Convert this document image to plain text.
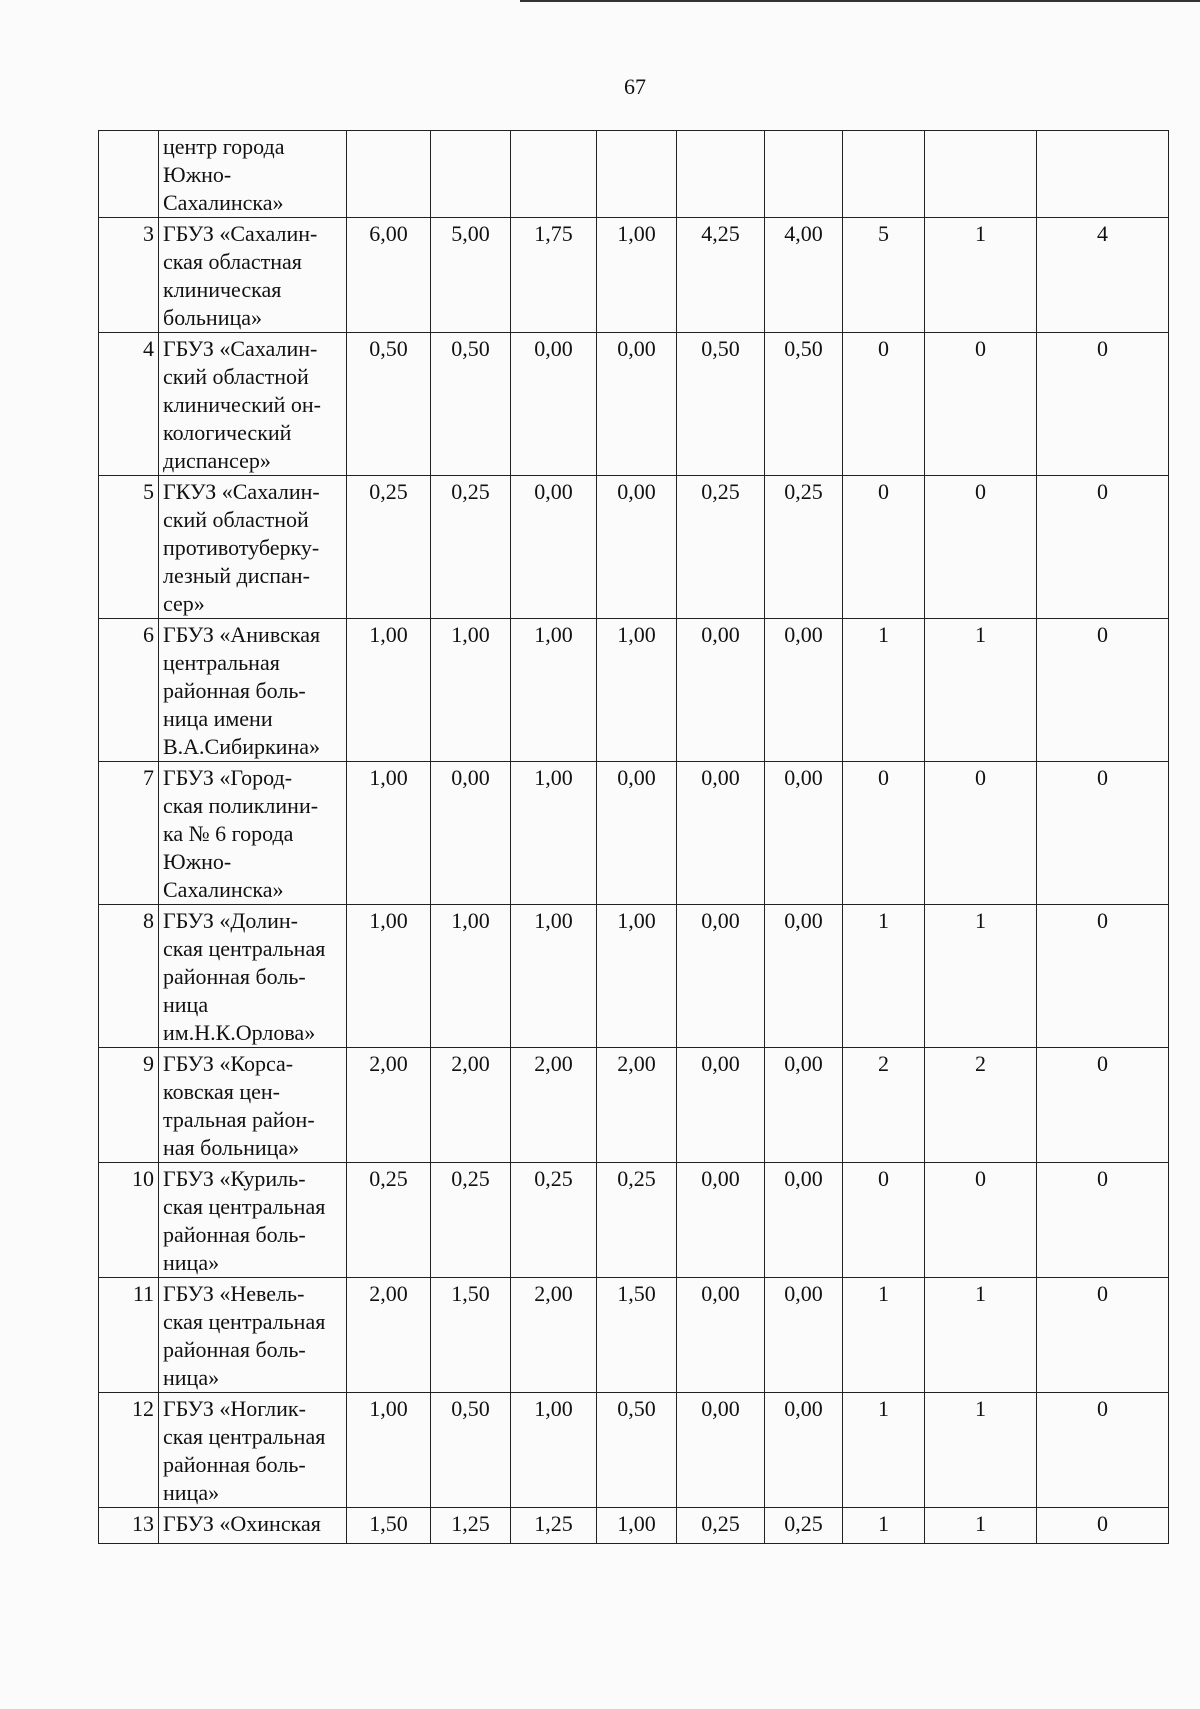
67

	центр города
Южно-
Сахалинска»									

3	ГБУЗ «Сахалин-
ская областная
клиническая
больница»	6,00	5,00	1,75	1,00	4,25	4,00	5	1	4
4	ГБУЗ «Сахалин-
ский областной
клинический он-
кологический
диспансер»	0,50	0,50	0,00	0,00	0,50	0,50	0	0	0
5	ГКУЗ «Сахалин-
ский областной
противотуберку-
лезный диспан-
сер»	0,25	0,25	0,00	0,00	0,25	0,25	0	0	0
6	ГБУЗ «Анивская
центральная
районная боль-
ница имени
В.А.Сибиркина»	1,00	1,00	1,00	1,00	0,00	0,00	1	1	0
7	ГБУЗ «Город-
ская поликлини-
ка № 6 города
Южно-
Сахалинска»	1,00	0,00	1,00	0,00	0,00	0,00	0	0	0
8	ГБУЗ «Долин-
ская центральная
районная боль-
ница
им.Н.К.Орлова»	1,00	1,00	1,00	1,00	0,00	0,00	1	1	0
9	ГБУЗ «Корса-
ковская цен-
тральная район-
ная больница»	2,00	2,00	2,00	2,00	0,00	0,00	2	2	0
10	ГБУЗ «Куриль-
ская центральная
районная боль-
ница»	0,25	0,25	0,25	0,25	0,00	0,00	0	0	0
11	ГБУЗ «Невель-
ская центральная
районная боль-
ница»	2,00	1,50	2,00	1,50	0,00	0,00	1	1	0
12	ГБУЗ «Ноглик-
ская центральная
районная боль-
ница»	1,00	0,50	1,00	0,50	0,00	0,00	1	1	0
13	ГБУЗ «Охинская	1,50	1,25	1,25	1,00	0,25	0,25	1	1	0
